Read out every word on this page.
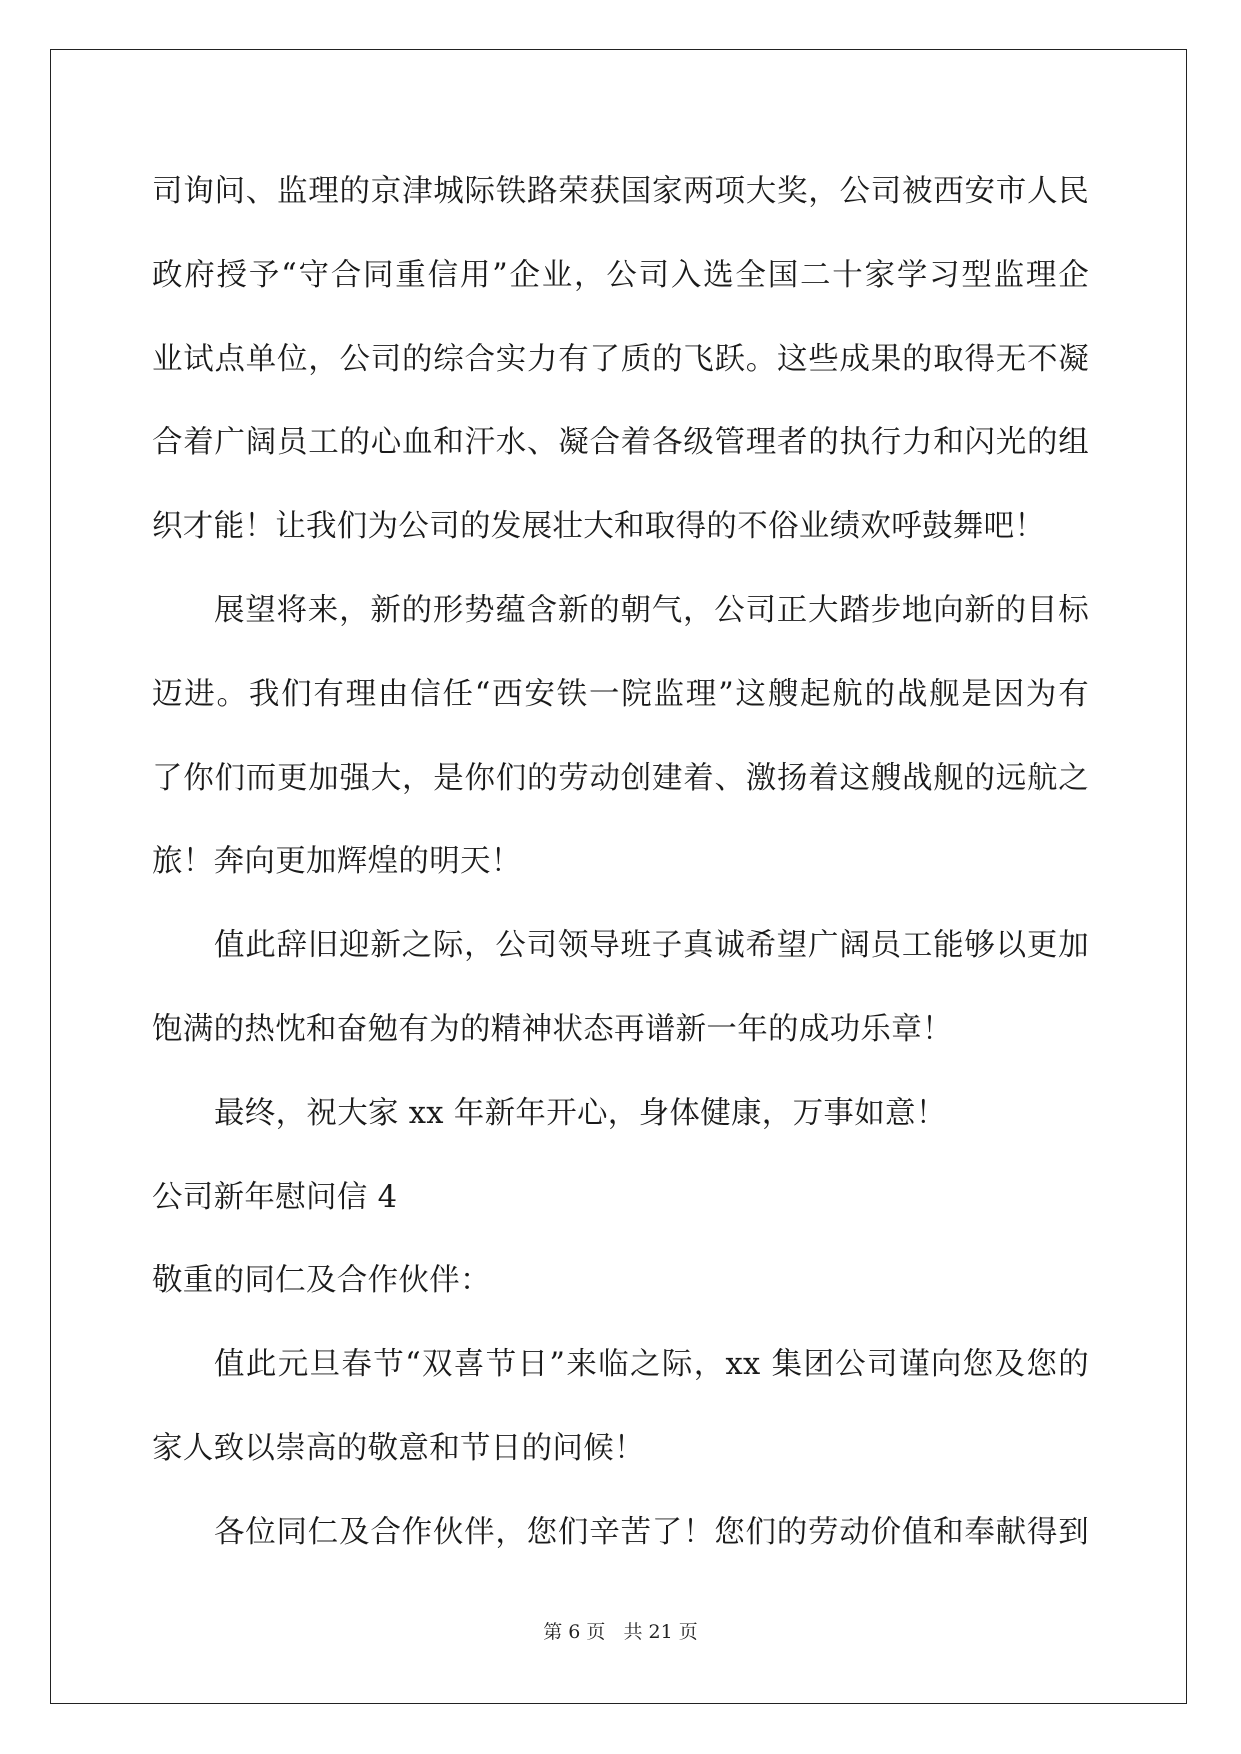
司询问、监理的京津城际铁路荣获国家两项大奖，公司被西安市人民
政府授予“守合同重信用”企业，公司入选全国二十家学习型监理企
业试点单位，公司的综合实力有了质的飞跃。这些成果的取得无不凝
合着广阔员工的心血和汗水、凝合着各级管理者的执行力和闪光的组
织才能！让我们为公司的发展壮大和取得的不俗业绩欢呼鼓舞吧！
展望将来，新的形势蕴含新的朝气，公司正大踏步地向新的目标
迈进。我们有理由信任“西安铁一院监理”这艘起航的战舰是因为有
了你们而更加强大，是你们的劳动创建着、激扬着这艘战舰的远航之
旅！奔向更加辉煌的明天！
值此辞旧迎新之际，公司领导班子真诚希望广阔员工能够以更加
饱满的热忱和奋勉有为的精神状态再谱新一年的成功乐章！
最终，祝大家 xx 年新年开心，身体健康，万事如意！
公司新年慰问信 4
敬重的同仁及合作伙伴：
值此元旦春节“双喜节日”来临之际，xx 集团公司谨向您及您的
家人致以崇高的敬意和节日的问候！
各位同仁及合作伙伴，您们辛苦了！您们的劳动价值和奉献得到
第 6 页 共 21 页
